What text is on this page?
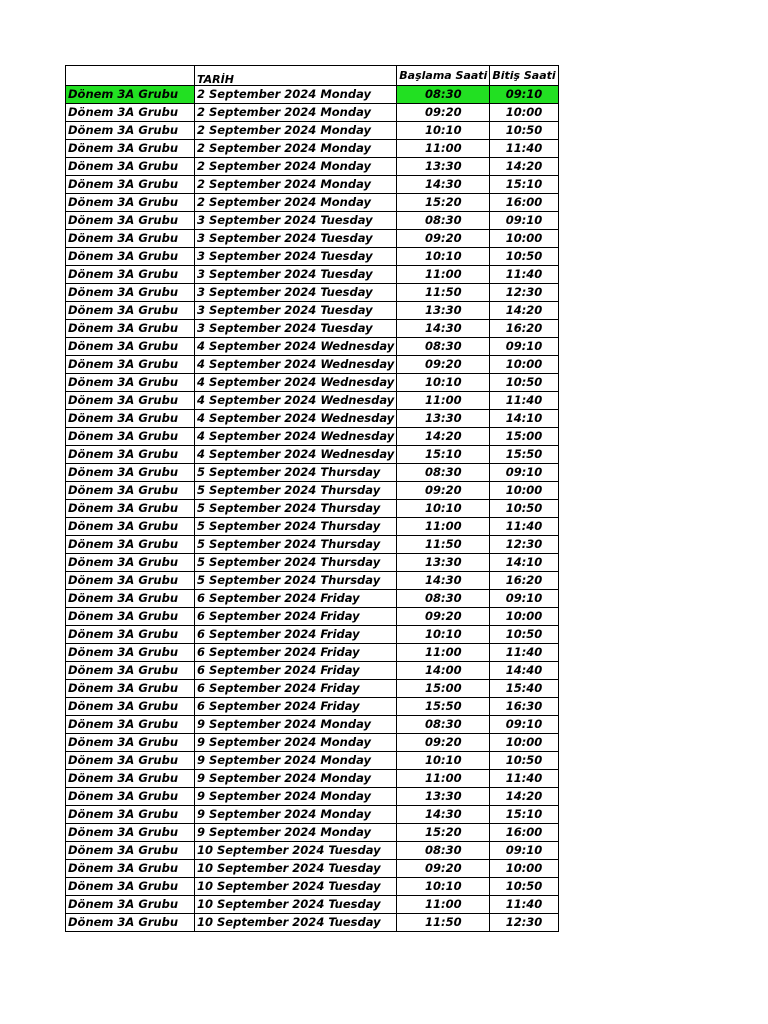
	TARİH	Başlama Saati	Bitiş Saati
Dönem 3A Grubu	2 September 2024 Monday	08:30	09:10
Dönem 3A Grubu	2 September 2024 Monday	09:20	10:00
Dönem 3A Grubu	2 September 2024 Monday	10:10	10:50
Dönem 3A Grubu	2 September 2024 Monday	11:00	11:40
Dönem 3A Grubu	2 September 2024 Monday	13:30	14:20
Dönem 3A Grubu	2 September 2024 Monday	14:30	15:10
Dönem 3A Grubu	2 September 2024 Monday	15:20	16:00
Dönem 3A Grubu	3 September 2024 Tuesday	08:30	09:10
Dönem 3A Grubu	3 September 2024 Tuesday	09:20	10:00
Dönem 3A Grubu	3 September 2024 Tuesday	10:10	10:50
Dönem 3A Grubu	3 September 2024 Tuesday	11:00	11:40
Dönem 3A Grubu	3 September 2024 Tuesday	11:50	12:30
Dönem 3A Grubu	3 September 2024 Tuesday	13:30	14:20
Dönem 3A Grubu	3 September 2024 Tuesday	14:30	16:20
Dönem 3A Grubu	4 September 2024 Wednesday	08:30	09:10
Dönem 3A Grubu	4 September 2024 Wednesday	09:20	10:00
Dönem 3A Grubu	4 September 2024 Wednesday	10:10	10:50
Dönem 3A Grubu	4 September 2024 Wednesday	11:00	11:40
Dönem 3A Grubu	4 September 2024 Wednesday	13:30	14:10
Dönem 3A Grubu	4 September 2024 Wednesday	14:20	15:00
Dönem 3A Grubu	4 September 2024 Wednesday	15:10	15:50
Dönem 3A Grubu	5 September 2024 Thursday	08:30	09:10
Dönem 3A Grubu	5 September 2024 Thursday	09:20	10:00
Dönem 3A Grubu	5 September 2024 Thursday	10:10	10:50
Dönem 3A Grubu	5 September 2024 Thursday	11:00	11:40
Dönem 3A Grubu	5 September 2024 Thursday	11:50	12:30
Dönem 3A Grubu	5 September 2024 Thursday	13:30	14:10
Dönem 3A Grubu	5 September 2024 Thursday	14:30	16:20
Dönem 3A Grubu	6 September 2024 Friday	08:30	09:10
Dönem 3A Grubu	6 September 2024 Friday	09:20	10:00
Dönem 3A Grubu	6 September 2024 Friday	10:10	10:50
Dönem 3A Grubu	6 September 2024 Friday	11:00	11:40
Dönem 3A Grubu	6 September 2024 Friday	14:00	14:40
Dönem 3A Grubu	6 September 2024 Friday	15:00	15:40
Dönem 3A Grubu	6 September 2024 Friday	15:50	16:30
Dönem 3A Grubu	9 September 2024 Monday	08:30	09:10
Dönem 3A Grubu	9 September 2024 Monday	09:20	10:00
Dönem 3A Grubu	9 September 2024 Monday	10:10	10:50
Dönem 3A Grubu	9 September 2024 Monday	11:00	11:40
Dönem 3A Grubu	9 September 2024 Monday	13:30	14:20
Dönem 3A Grubu	9 September 2024 Monday	14:30	15:10
Dönem 3A Grubu	9 September 2024 Monday	15:20	16:00
Dönem 3A Grubu	10 September 2024 Tuesday	08:30	09:10
Dönem 3A Grubu	10 September 2024 Tuesday	09:20	10:00
Dönem 3A Grubu	10 September 2024 Tuesday	10:10	10:50
Dönem 3A Grubu	10 September 2024 Tuesday	11:00	11:40
Dönem 3A Grubu	10 September 2024 Tuesday	11:50	12:30
